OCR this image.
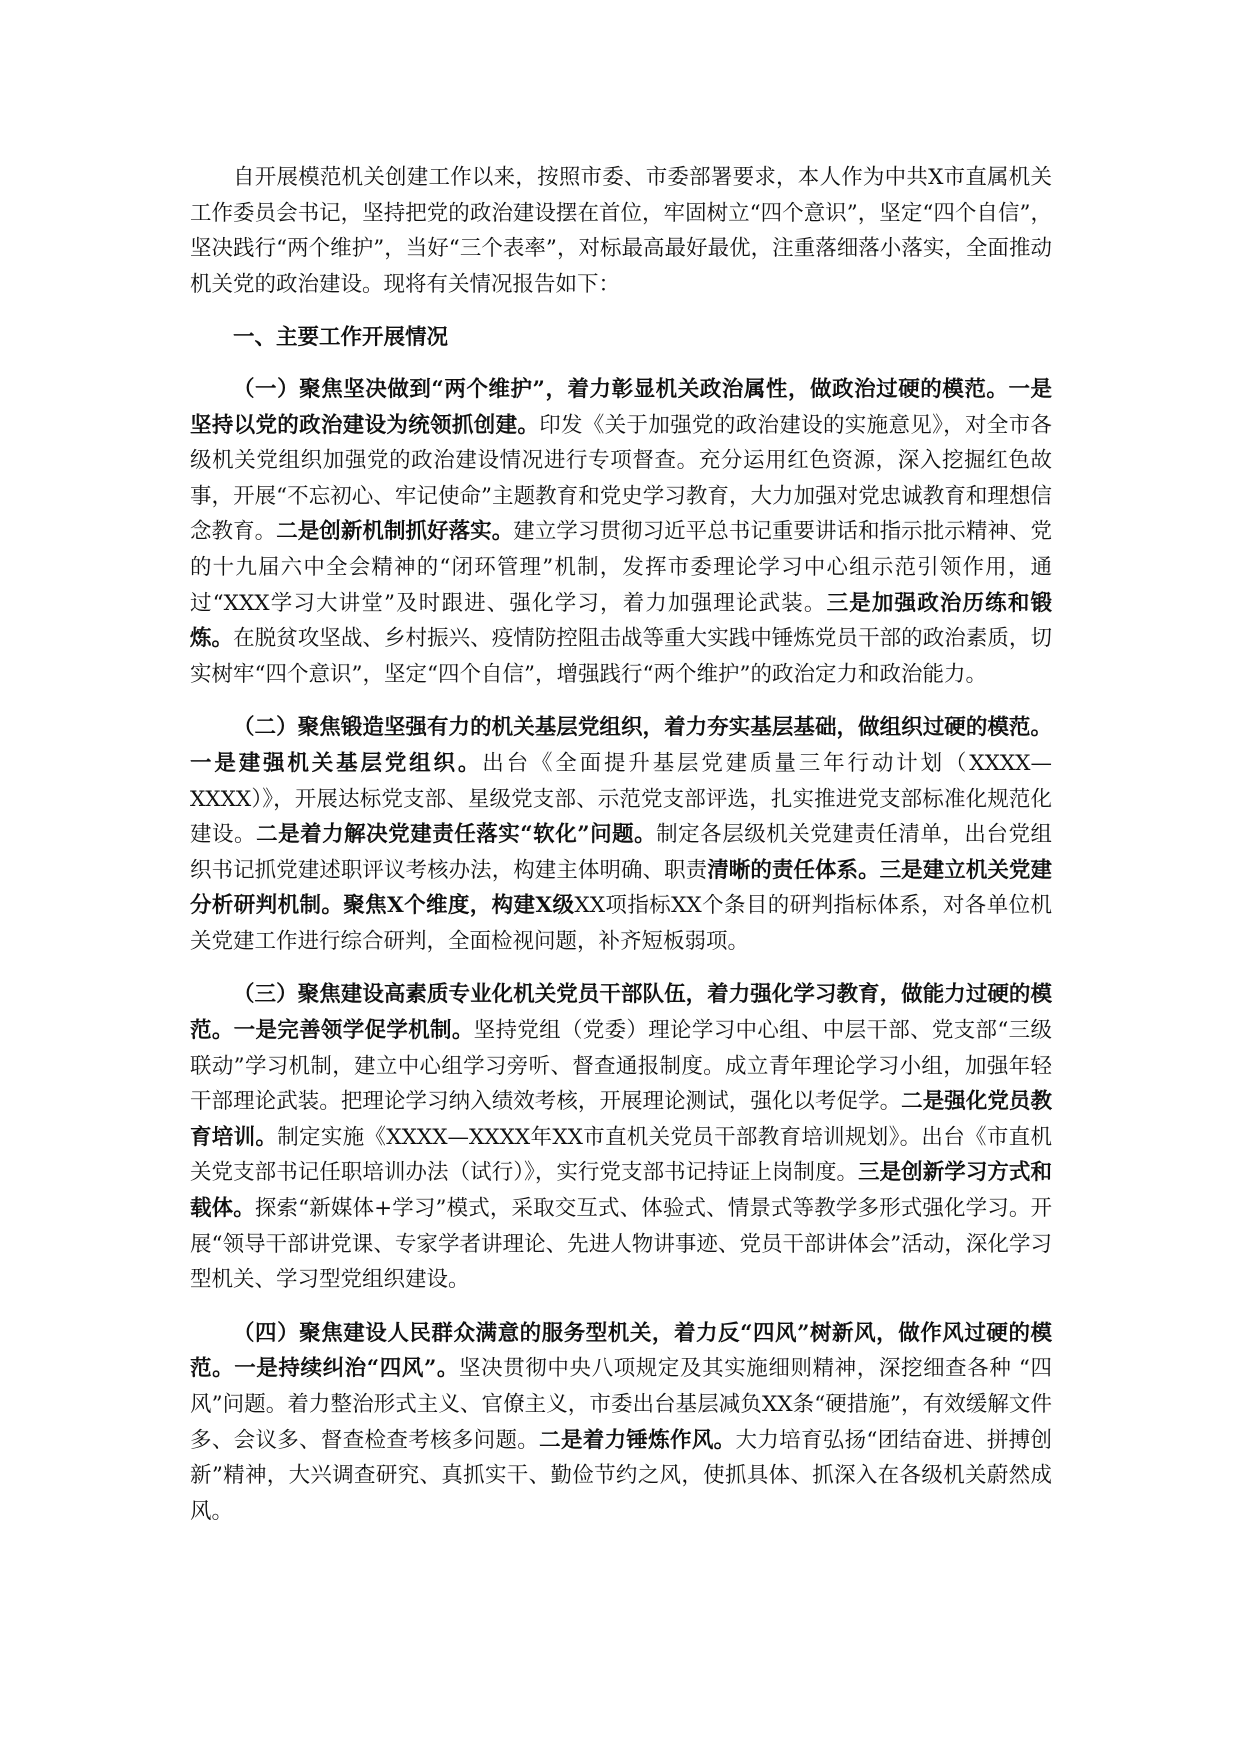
自开展模范机关创建工作以来，按照市委、市委部署要求，本人作为中共X市直属机关工作委员会书记，坚持把党的政治建设摆在首位，牢固树立“四个意识”，坚定“四个自信”，坚决践行“两个维护”，当好“三个表率”，对标最高最好最优，注重落细落小落实，全面推动机关党的政治建设。现将有关情况报告如下：

一、主要工作开展情况

（一）聚焦坚决做到“两个维护”，着力彰显机关政治属性，做政治过硬的模范。一是坚持以党的政治建设为统领抓创建。印发《关于加强党的政治建设的实施意见》，对全市各级机关党组织加强党的政治建设情况进行专项督查。充分运用红色资源，深入挖掘红色故事，开展“不忘初心、牢记使命”主题教育和党史学习教育，大力加强对党忠诚教育和理想信念教育。二是创新机制抓好落实。建立学习贯彻习近平总书记重要讲话和指示批示精神、党的十九届六中全会精神的“闭环管理”机制，发挥市委理论学习中心组示范引领作用，通过“XXX学习大讲堂”及时跟进、强化学习，着力加强理论武装。三是加强政治历练和锻炼。在脱贫攻坚战、乡村振兴、疫情防控阻击战等重大实践中锤炼党员干部的政治素质，切实树牢“四个意识”，坚定“四个自信”，增强践行“两个维护”的政治定力和政治能力。

（二）聚焦锻造坚强有力的机关基层党组织，着力夯实基层基础，做组织过硬的模范。一是建强机关基层党组织。出台《全面提升基层党建质量三年行动计划（XXXX—XXXX）》，开展达标党支部、星级党支部、示范党支部评选，扎实推进党支部标准化规范化建设。二是着力解决党建责任落实“软化”问题。制定各层级机关党建责任清单，出台党组织书记抓党建述职评议考核办法，构建主体明确、职责清晰的责任体系。三是建立机关党建分析研判机制。聚焦X个维度，构建X级XX项指标XX个条目的研判指标体系，对各单位机关党建工作进行综合研判，全面检视问题，补齐短板弱项。

（三）聚焦建设高素质专业化机关党员干部队伍，着力强化学习教育，做能力过硬的模范。一是完善领学促学机制。坚持党组（党委）理论学习中心组、中层干部、党支部“三级联动”学习机制，建立中心组学习旁听、督查通报制度。成立青年理论学习小组，加强年轻干部理论武装。把理论学习纳入绩效考核，开展理论测试，强化以考促学。二是强化党员教育培训。制定实施《XXXX—XXXX年XX市直机关党员干部教育培训规划》。出台《市直机关党支部书记任职培训办法（试行）》，实行党支部书记持证上岗制度。三是创新学习方式和载体。探索“新媒体+学习”模式，采取交互式、体验式、情景式等教学多形式强化学习。开展“领导干部讲党课、专家学者讲理论、先进人物讲事迹、党员干部讲体会”活动，深化学习型机关、学习型党组织建设。

（四）聚焦建设人民群众满意的服务型机关，着力反“四风”树新风，做作风过硬的模范。一是持续纠治“四风”。坚决贯彻中央八项规定及其实施细则精神，深挖细查各种 “四风”问题。着力整治形式主义、官僚主义，市委出台基层减负XX条“硬措施”，有效缓解文件多、会议多、督查检查考核多问题。二是着力锤炼作风。大力培育弘扬“团结奋进、拼搏创新”精神，大兴调查研究、真抓实干、勤俭节约之风，使抓具体、抓深入在各级机关蔚然成风。
